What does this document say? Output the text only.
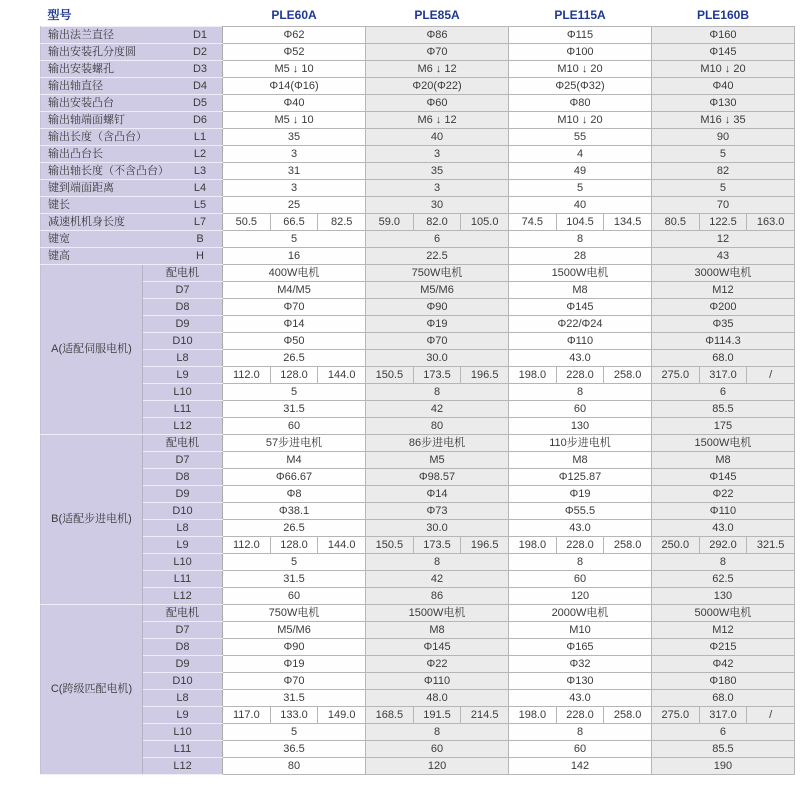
型号		PLE60A			PLE85A			PLE115A			PLE160B		

输出法兰直径 D1		Φ62			Φ86			Φ115			Φ160		

输出安装孔分度圆 D2		Φ52			Φ70			Φ100			Φ145		

输出安装螺孔 D3		M5 ↓ 10			M6 ↓ 12			M10 ↓ 20			M10 ↓ 20		

输出轴直径 D4		Φ14(Φ16)			Φ20(Φ22)			Φ25(Φ32)			Φ40		

输出安装凸台 D5		Φ40			Φ60			Φ80			Φ130		

输出轴端面螺钉 D6		M5 ↓ 10			M6 ↓ 12			M10 ↓ 20			M16 ↓ 35		

输出长度（含凸台） L1		35			40			55			90		

输出凸台长 L2		3			3			4			5		

输出轴长度（不含凸台） L3		31			35			49			82		

键到端面距离 L4		3			3			5			5		

键长 L5		25			30			40			70		

减速机机身长度 L7		50.5	66.5	82.5	59.0	82.0	105.0	74.5	104.5	134.5	80.5	122.5	163.0

键宽 B		5			6			8			12		

键高 H		16			22.5			28			43		
A(适配伺服电机)	配电机	400W电机			750W电机			1500W电机			3000W电机		
	D7	M4/M5			M5/M6			M8			M12		
	D8	Φ70			Φ90			Φ145			Φ200		
	D9	Φ14			Φ19			Φ22/Φ24			Φ35		
	D10	Φ50			Φ70			Φ110			Φ114.3		
	L8	26.5			30.0			43.0			68.0		
	L9	112.0	128.0	144.0	150.5	173.5	196.5	198.0	228.0	258.0	275.0	317.0	/
	L10	5			8			8			6		
	L11	31.5			42			60			85.5		
	L12	60			80			130			175		
B(适配步进电机)	配电机	57步进电机			86步进电机			110步进电机			1500W电机		
	D7	M4			M5			M8			M8		
	D8	Φ66.67			Φ98.57			Φ125.87			Φ145		
	D9	Φ8			Φ14			Φ19			Φ22		
	D10	Φ38.1			Φ73			Φ55.5			Φ110		
	L8	26.5			30.0			43.0			43.0		
	L9	112.0	128.0	144.0	150.5	173.5	196.5	198.0	228.0	258.0	250.0	292.0	321.5
	L10	5			8			8			8		
	L11	31.5			42			60			62.5		
	L12	60			86			120			130		
C(跨级匹配电机)	配电机	750W电机			1500W电机			2000W电机			5000W电机		
	D7	M5/M6			M8			M10			M12		
	D8	Φ90			Φ145			Φ165			Φ215		
	D9	Φ19			Φ22			Φ32			Φ42		
	D10	Φ70			Φ110			Φ130			Φ180		
	L8	31.5			48.0			43.0			68.0		
	L9	117.0	133.0	149.0	168.5	191.5	214.5	198.0	228.0	258.0	275.0	317.0	/
	L10	5			8			8			6		
	L11	36.5			60			60			85.5		
	L12	80			120			142			190		
